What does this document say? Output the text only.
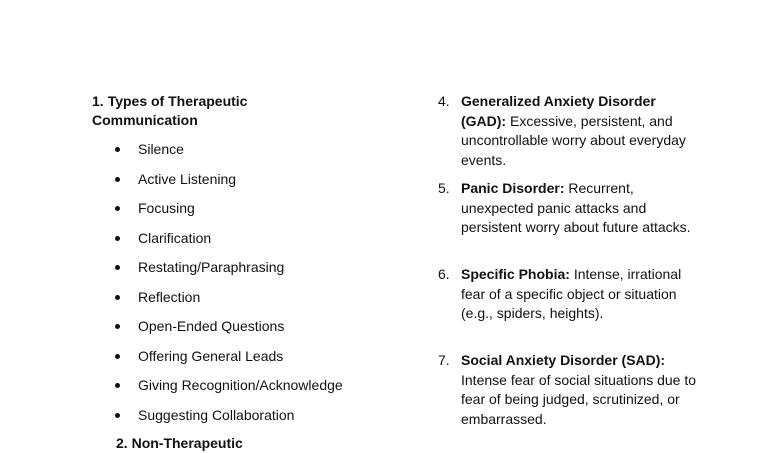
1. Types of Therapeutic Communication

Silence
Active Listening
Focusing
Clarification
Restating/Paraphrasing
Reflection
Open-Ended Questions
Offering General Leads
Giving Recognition/Acknowledge
Suggesting Collaboration
2. Non-Therapeutic
4. Generalized Anxiety Disorder (GAD): Excessive, persistent, and uncontrollable worry about everyday events.
5. Panic Disorder: Recurrent, unexpected panic attacks and persistent worry about future attacks.
6. Specific Phobia: Intense, irrational fear of a specific object or situation (e.g., spiders, heights).
7. Social Anxiety Disorder (SAD): Intense fear of social situations due to fear of being judged, scrutinized, or embarrassed.
